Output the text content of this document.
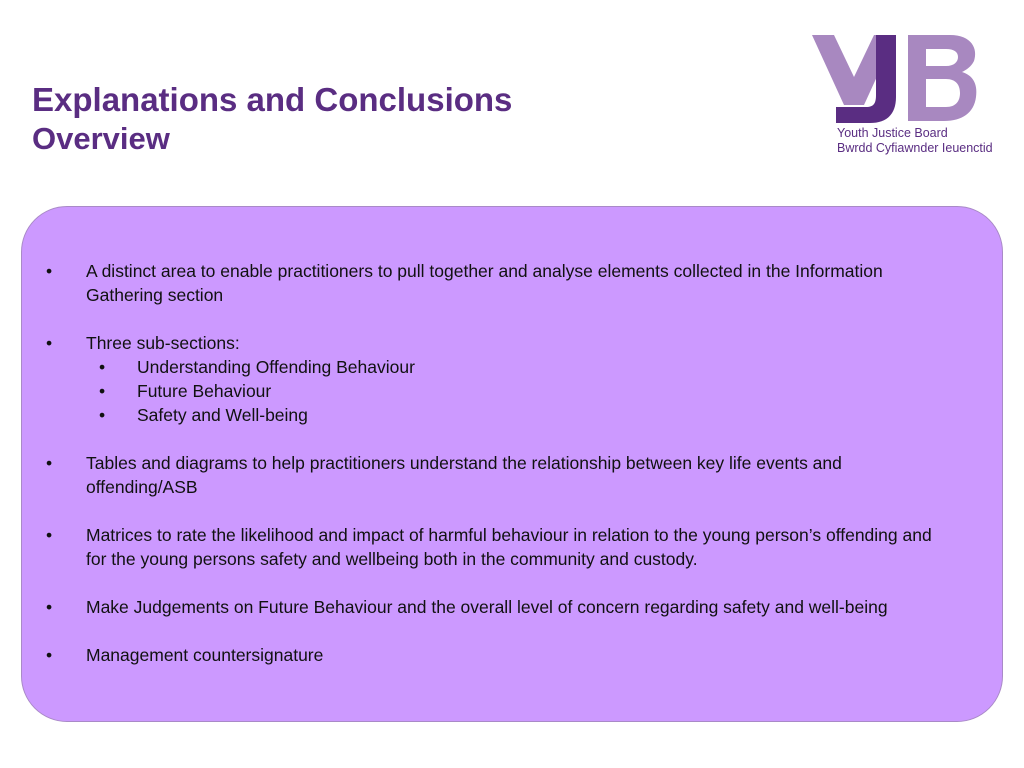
Explanations and Conclusions
Overview	Youth Justice Board
Bwrdd Cyfiawnder Ieuenctid
• A distinct area to enable practitioners to pull together and analyse elements collected in the Information Gathering section
• Three sub-sections:
• Understanding Offending Behaviour
• Future Behaviour
• Safety and Well-being
• Tables and diagrams to help practitioners understand the relationship between key life events and offending/ASB
• Matrices to rate the likelihood and impact of harmful behaviour in relation to the young person’s offending and for the young persons safety and wellbeing both in the community and custody.
• Make Judgements on Future Behaviour and the overall level of concern regarding safety and well-being
• Management countersignature
